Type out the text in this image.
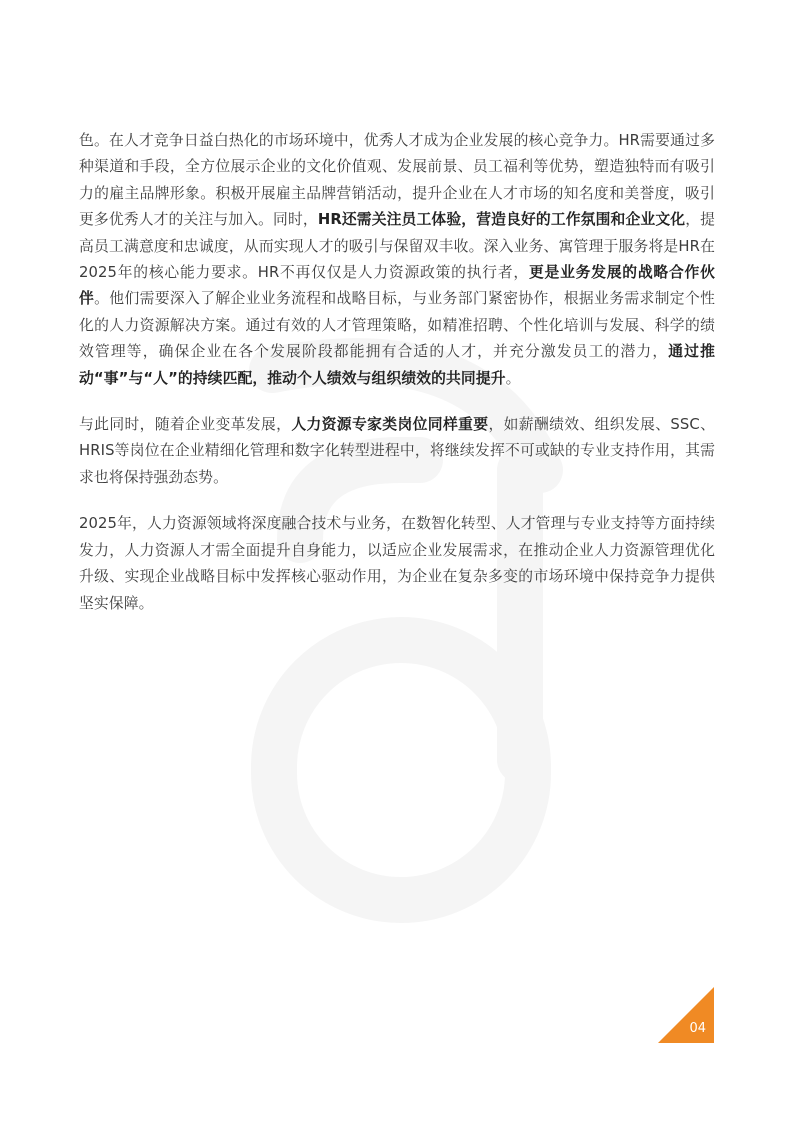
色。在人才竞争日益白热化的市场环境中，优秀人才成为企业发展的核心竞争力。HR需要通过多种渠道和手段，全方位展示企业的文化价值观、发展前景、员工福利等优势，塑造独特而有吸引力的雇主品牌形象。积极开展雇主品牌营销活动，提升企业在人才市场的知名度和美誉度，吸引更多优秀人才的关注与加入。同时，HR还需关注员工体验，营造良好的工作氛围和企业文化，提高员工满意度和忠诚度，从而实现人才的吸引与保留双丰收。深入业务、寓管理于服务将是HR在2025年的核心能力要求。HR不再仅仅是人力资源政策的执行者，更是业务发展的战略合作伙伴。他们需要深入了解企业业务流程和战略目标，与业务部门紧密协作，根据业务需求制定个性化的人力资源解决方案。通过有效的人才管理策略，如精准招聘、个性化培训与发展、科学的绩效管理等，确保企业在各个发展阶段都能拥有合适的人才，并充分激发员工的潜力，通过推动“事”与“人”的持续匹配，推动个人绩效与组织绩效的共同提升。

与此同时，随着企业变革发展，人力资源专家类岗位同样重要，如薪酬绩效、组织发展、SSC、HRIS等岗位在企业精细化管理和数字化转型进程中，将继续发挥不可或缺的专业支持作用，其需求也将保持强劲态势。

2025年，人力资源领域将深度融合技术与业务，在数智化转型、人才管理与专业支持等方面持续发力，人力资源人才需全面提升自身能力，以适应企业发展需求，在推动企业人力资源管理优化升级、实现企业战略目标中发挥核心驱动作用，为企业在复杂多变的市场环境中保持竞争力提供坚实保障。

04
